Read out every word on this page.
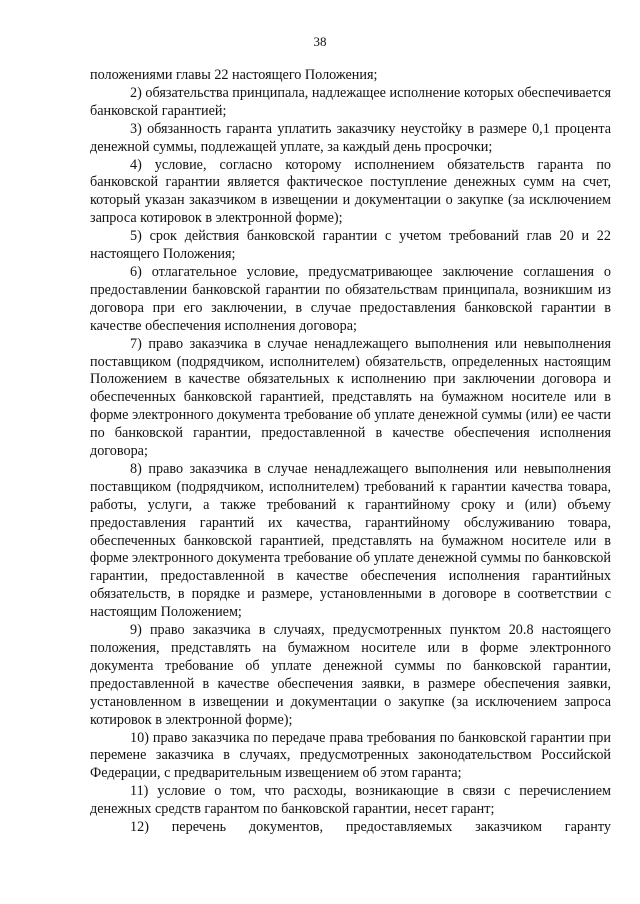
38

положениями главы 22 настоящего Положения;

2) обязательства принципала, надлежащее исполнение которых обеспечивается банковской гарантией;

3) обязанность гаранта уплатить заказчику неустойку в размере 0,1 процента денежной суммы, подлежащей уплате, за каждый день просрочки;

4) условие, согласно которому исполнением обязательств гаранта по банковской гарантии является фактическое поступление денежных сумм на счет, который указан заказчиком в извещении и документации о закупке (за исключением запроса котировок в электронной форме);

5) срок действия банковской гарантии с учетом требований глав 20 и 22 настоящего Положения;

6) отлагательное условие, предусматривающее заключение соглашения о предоставлении банковской гарантии по обязательствам принципала, возникшим из договора при его заключении, в случае предоставления банковской гарантии в качестве обеспечения исполнения договора;

7) право заказчика в случае ненадлежащего выполнения или невыполнения поставщиком (подрядчиком, исполнителем) обязательств, определенных настоящим Положением в качестве обязательных к исполнению при заключении договора и обеспеченных банковской гарантией, представлять на бумажном носителе или в форме электронного документа требование об уплате денежной суммы (или) ее части по банковской гарантии, предоставленной в качестве обеспечения исполнения договора;

8) право заказчика в случае ненадлежащего выполнения или невыполнения поставщиком (подрядчиком, исполнителем) требований к гарантии качества товара, работы, услуги, а также требований к гарантийному сроку и (или) объему предоставления гарантий их качества, гарантийному обслуживанию товара, обеспеченных банковской гарантией, представлять на бумажном носителе или в форме электронного документа требование об уплате денежной суммы по банковской гарантии, предоставленной в качестве обеспечения исполнения гарантийных обязательств, в порядке и размере, установленными в договоре в соответствии с настоящим Положением;

9) право заказчика в случаях, предусмотренных пунктом 20.8 настоящего положения, представлять на бумажном носителе или в форме электронного документа требование об уплате денежной суммы по банковской гарантии, предоставленной в качестве обеспечения заявки, в размере обеспечения заявки, установленном в извещении и документации о закупке (за исключением запроса котировок в электронной форме);

10) право заказчика по передаче права требования по банковской гарантии при перемене заказчика в случаях, предусмотренных законодательством Российской Федерации, с предварительным извещением об этом гаранта;

11) условие о том, что расходы, возникающие в связи с перечислением денежных средств гарантом по банковской гарантии, несет гарант;

12) перечень документов, предоставляемых заказчиком гаранту
